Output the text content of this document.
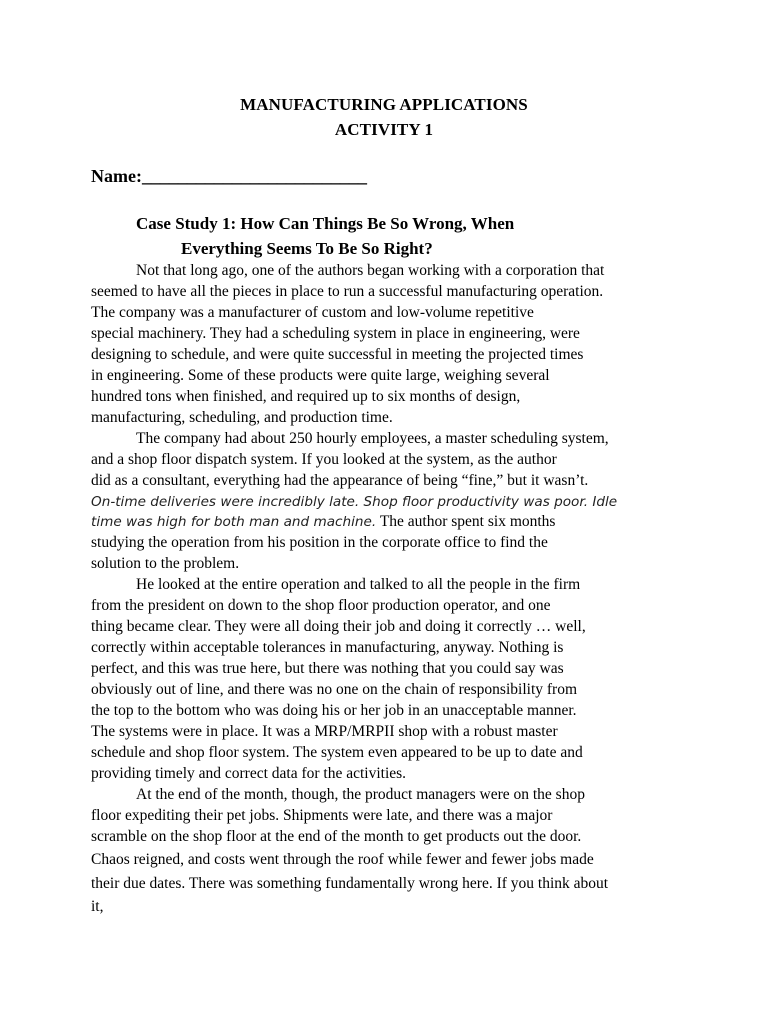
MANUFACTURING APPLICATIONS
ACTIVITY 1
Name:_________________________
Case Study 1: How Can Things Be So Wrong, When
Everything Seems To Be So Right?
Not that long ago, one of the authors began working with a corporation that
seemed to have all the pieces in place to run a successful manufacturing operation.
The company was a manufacturer of custom and low-volume repetitive
special machinery. They had a scheduling system in place in engineering, were
designing to schedule, and were quite successful in meeting the projected times
in engineering. Some of these products were quite large, weighing several
hundred tons when finished, and required up to six months of design,
manufacturing, scheduling, and production time.
The company had about 250 hourly employees, a master scheduling system,
and a shop floor dispatch system. If you looked at the system, as the author
did as a consultant, everything had the appearance of being “fine,” but it wasn’t.
On-time deliveries were incredibly late. Shop floor productivity was poor. Idle
time was high for both man and machine. The author spent six months
studying the operation from his position in the corporate office to find the
solution to the problem.
He looked at the entire operation and talked to all the people in the firm
from the president on down to the shop floor production operator, and one
thing became clear. They were all doing their job and doing it correctly … well,
correctly within acceptable tolerances in manufacturing, anyway. Nothing is
perfect, and this was true here, but there was nothing that you could say was
obviously out of line, and there was no one on the chain of responsibility from
the top to the bottom who was doing his or her job in an unacceptable manner.
The systems were in place. It was a MRP/MRPII shop with a robust master
schedule and shop floor system. The system even appeared to be up to date and
providing timely and correct data for the activities.
At the end of the month, though, the product managers were on the shop
floor expediting their pet jobs. Shipments were late, and there was a major
scramble on the shop floor at the end of the month to get products out the door.
Chaos reigned, and costs went through the roof while fewer and fewer jobs made
their due dates. There was something fundamentally wrong here. If you think about
it,
